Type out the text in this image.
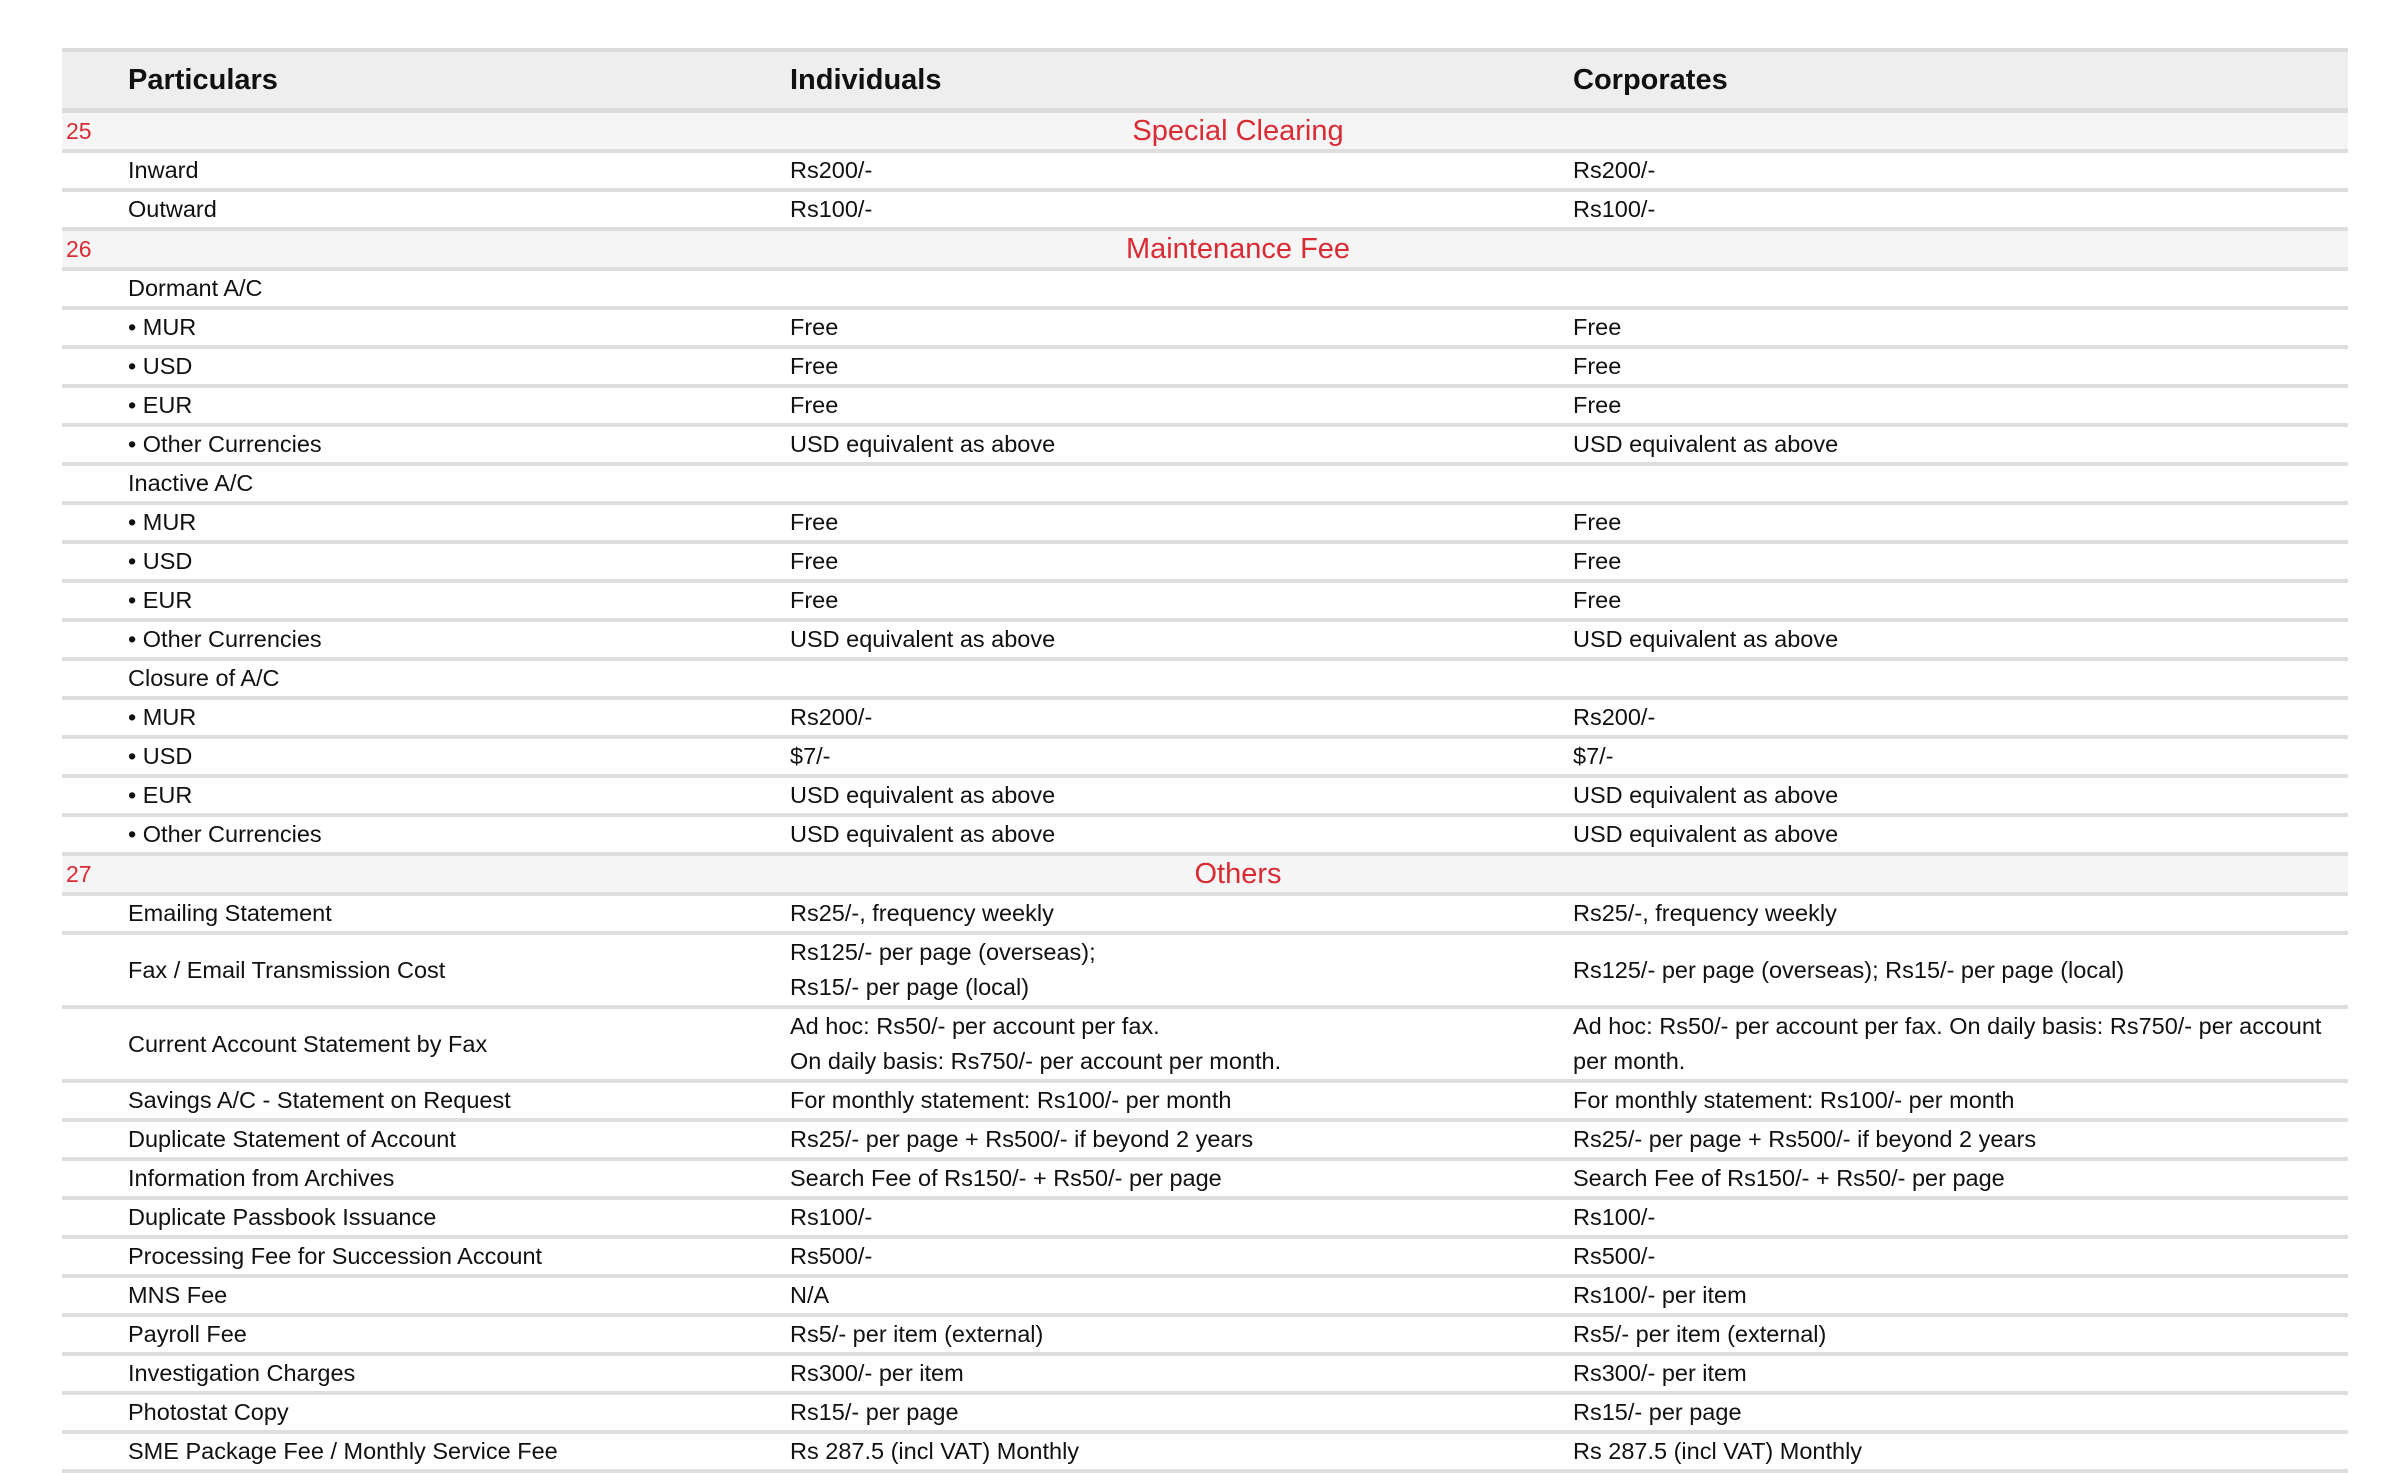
	Particulars	Individuals	Corporates
25	Special Clearing		
	Inward	Rs200/-	Rs200/-

	Outward	Rs100/-	Rs100/-

26	Maintenance Fee		
	Dormant A/C	

	• MUR	Free	Free

	• USD	Free	Free

	• EUR	Free	Free

	• Other Currencies	USD equivalent as above	USD equivalent as above

	Inactive A/C	

	• MUR	Free	Free

	• USD	Free	Free

	• EUR	Free	Free

	• Other Currencies	USD equivalent as above	USD equivalent as above

	Closure of A/C	

	• MUR	Rs200/-	Rs200/-

	• USD	$7/-	$7/-

	• EUR	USD equivalent as above	USD equivalent as above

	• Other Currencies	USD equivalent as above	USD equivalent as above

27	Others		
	Emailing Statement	Rs25/-, frequency weekly	Rs25/-, frequency weekly

	Fax / Email Transmission Cost	Rs125/- per page (overseas);
Rs15/- per page (local)	Rs125/- per page (overseas); Rs15/- per page (local)

	Current Account Statement by Fax	Ad hoc: Rs50/- per account per fax.
On daily basis: Rs750/- per account per month.	Ad hoc: Rs50/- per account per fax. On daily basis: Rs750/- per account
per month.

	Savings A/C - Statement on Request	For monthly statement: Rs100/- per month	For monthly statement: Rs100/- per month

	Duplicate Statement of Account	Rs25/- per page + Rs500/- if beyond 2 years	Rs25/- per page + Rs500/- if beyond 2 years

	Information from Archives	Search Fee of Rs150/- + Rs50/- per page	Search Fee of Rs150/- + Rs50/- per page

	Duplicate Passbook Issuance	Rs100/-	Rs100/-

	Processing Fee for Succession Account	Rs500/-	Rs500/-

	MNS Fee	N/A	Rs100/- per item

	Payroll Fee	Rs5/- per item (external)	Rs5/- per item (external)

	Investigation Charges	Rs300/- per item	Rs300/- per item

	Photostat Copy	Rs15/- per page	Rs15/- per page

	SME Package Fee / Monthly Service Fee	Rs 287.5 (incl VAT) Monthly	Rs 287.5 (incl VAT) Monthly
